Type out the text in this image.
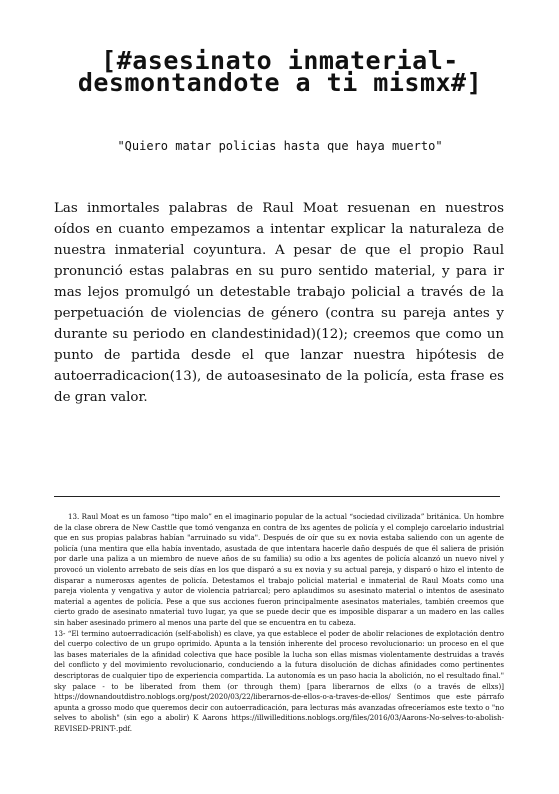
[#asesinato inmaterial-
desmontandote a ti mismx#]

"Quiero matar policias hasta que haya muerto"

Las inmortales palabras de Raul Moat resuenan en nuestros oídos en cuanto empezamos a intentar explicar la naturaleza de nuestra inmaterial coyuntura. A pesar de que el propio Raul pronunció estas palabras en su puro sentido material, y para ir mas lejos promulgó un detestable trabajo policial a través de la perpetuación de violencias de género (contra su pareja antes y durante su periodo en clandestinidad)(12); creemos que como un punto de partida desde el que lanzar nuestra hipótesis de autoerradicacion(13), de autoasesinato de la policía, esta frase es de gran valor.

13. Raul Moat es un famoso “tipo malo” en el imaginario popular de la actual “sociedad civilizada” británica. Un hombre de la clase obrera de New Casttle que tomó venganza en contra de lxs agentes de policía y el complejo carcelario industrial que en sus propias palabras habían "arruinado su vida". Después de oír que su ex novia estaba saliendo con un agente de policía (una mentira que ella había inventado, asustada de que intentara hacerle daño después de que él saliera de prisión por darle una paliza a un miembro de nueve años de su familia) su odio a lxs agentes de policía alcanzó un nuevo nivel y provocó un violento arrebato de seis días en los que disparó a su ex novia y su actual pareja, y disparó o hizo el intento de disparar a numerosxs agentes de policía. Detestamos el trabajo policial material e inmaterial de Raul Moats como una pareja violenta y vengativa y autor de violencia patriarcal; pero aplaudimos su asesinato material o intentos de asesinato material a agentes de policía. Pese a que sus acciones fueron principalmente asesinatos materiales, también creemos que cierto grado de asesinato nmaterial tuvo lugar, ya que se puede decir que es imposible disparar a un madero en las calles sin haber asesinado primero al menos una parte del que se encuentra en tu cabeza.

13- “El termino autoerradicación (self-abolish) es clave, ya que establece el poder de abolir relaciones de explotación dentro del cuerpo colectivo de un grupo oprimido. Apunta a la tensión inherente del proceso revolucionario: un proceso en el que las bases materiales de la afinidad colectiva que hace posible la lucha son ellas mismas violentamente destruidas a través del conflicto y del movimiento revolucionario, conduciendo a la futura disolución de dichas afinidades como pertinentes descriptoras de cualquier tipo de experiencia compartida. La autonomía es un paso hacia la abolición, no el resultado final." sky palace - to be liberated from them (or through them) [para liberarnos de ellxs (o a través de ellxs)] https://downandoutdistro.noblogs.org/post/2020/03/22/liberarnos-de-ellos-o-a-traves-de-ellos/ Sentimos que este párrafo apunta a grosso modo que queremos decir con autoerradicación, para lecturas más avanzadas ofreceríamos este texto o "no selves to abolish" (sin ego a abolir) K Aarons https://illwilleditions.noblogs.org/files/2016/03/Aarons-No-selves-to-abolish-REVISED-PRINT-.pdf.
